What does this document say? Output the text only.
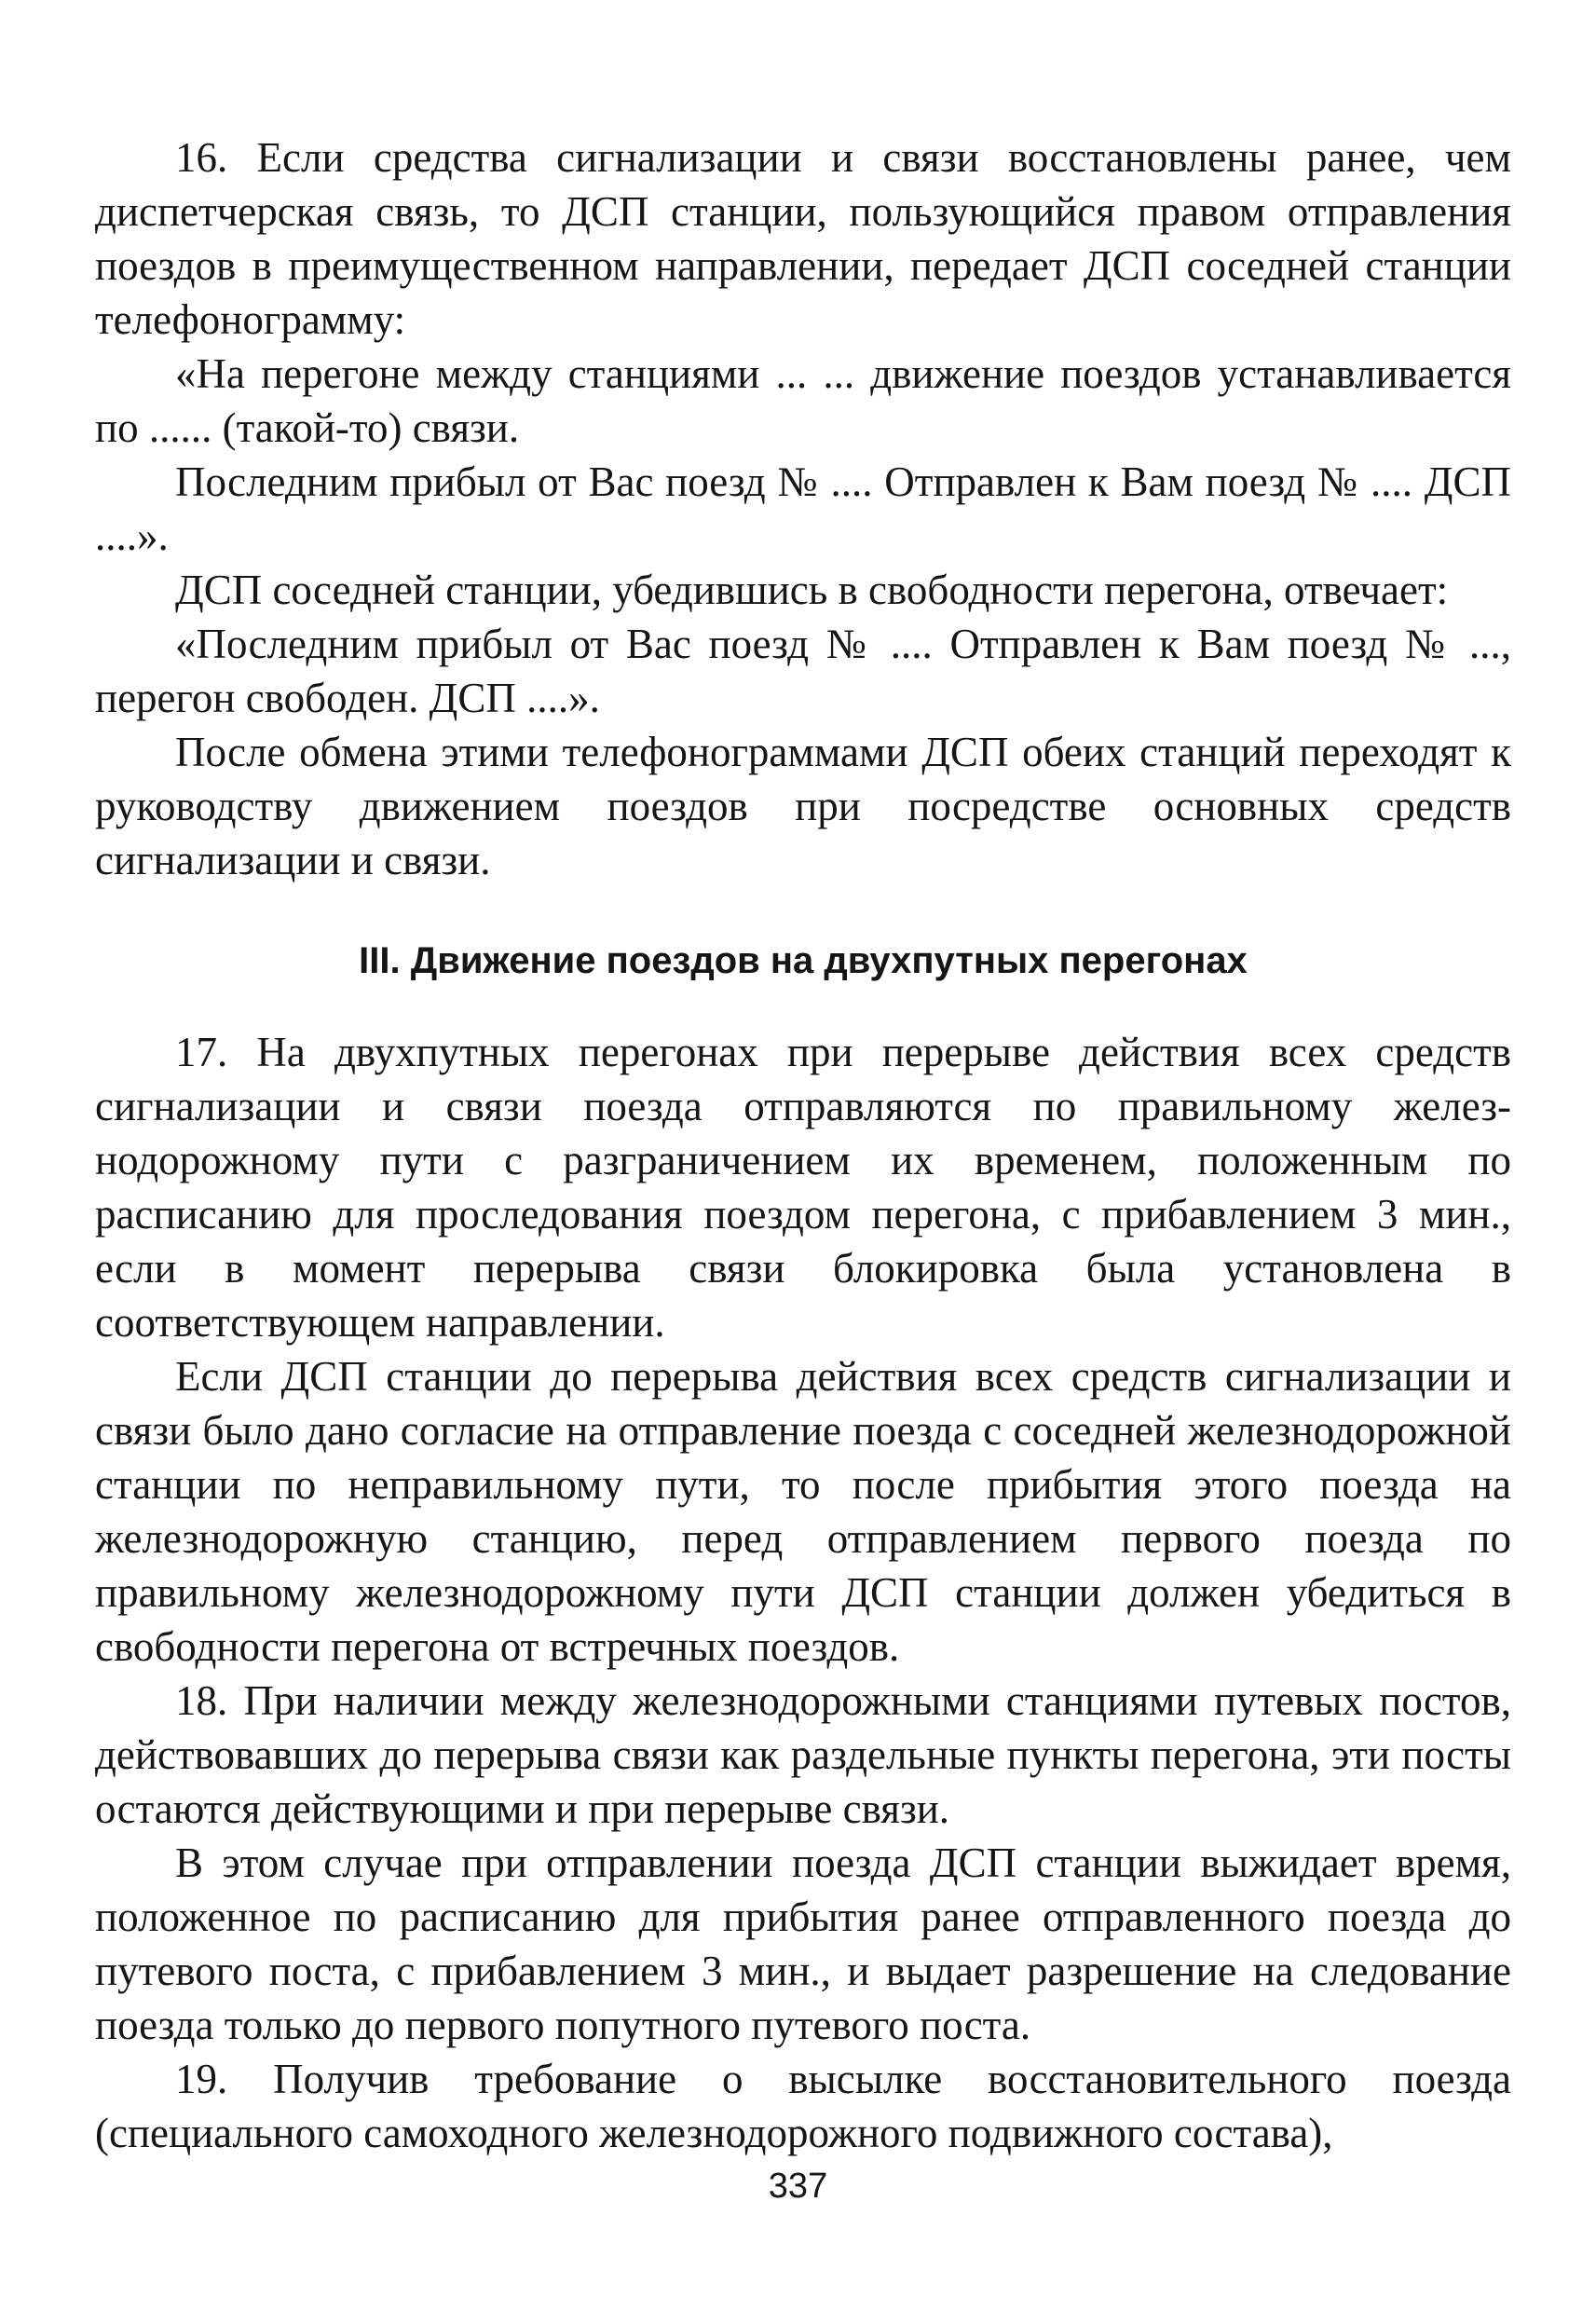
16. Если средства сигнализации и связи восстановлены ранее, чем диспетчерская связь, то ДСП станции, пользующийся правом отправления поездов в преимущественном направлении, передает ДСП соседней станции телефонограмму:

«На перегоне между станциями ... ... движение поездов устанавливается по ...... (такой-то) связи.

Последним прибыл от Вас поезд № .... Отправлен к Вам поезд № .... ДСП ....».

ДСП соседней станции, убедившись в свободности перегона, отвечает:

«Последним прибыл от Вас поезд № .... Отправлен к Вам поезд № ..., перегон свободен. ДСП ....».

После обмена этими телефонограммами ДСП обеих станций переходят к руководству движением поездов при посредстве основных средств сигнализации и связи.

III. Движение поездов на двухпутных перегонах

17. На двухпутных перегонах при перерыве действия всех средств сигнализации и связи поезда отправляются по правильному железнодорожному пути с разграничением их временем, положенным по расписанию для проследования поездом перегона, с прибавлением 3 мин., если в момент перерыва связи блокировка была установлена в соответствующем направлении.

Если ДСП станции до перерыва действия всех средств сигнализации и связи было дано согласие на отправление поезда с соседней железнодорожной станции по неправильному пути, то после прибытия этого поезда на железнодорожную станцию, перед отправлением первого поезда по правильному железнодорожному пути ДСП станции должен убедиться в свободности перегона от встречных поездов.

18. При наличии между железнодорожными станциями путевых постов, действовавших до перерыва связи как раздельные пункты перегона, эти посты остаются действующими и при перерыве связи.

В этом случае при отправлении поезда ДСП станции выжидает время, положенное по расписанию для прибытия ранее отправленного поезда до путевого поста, с прибавлением 3 мин., и выдает разрешение на следование поезда только до первого попутного путевого поста.

19. Получив требование о высылке восстановительного поезда (специального самоходного железнодорожного подвижного состава),

337
